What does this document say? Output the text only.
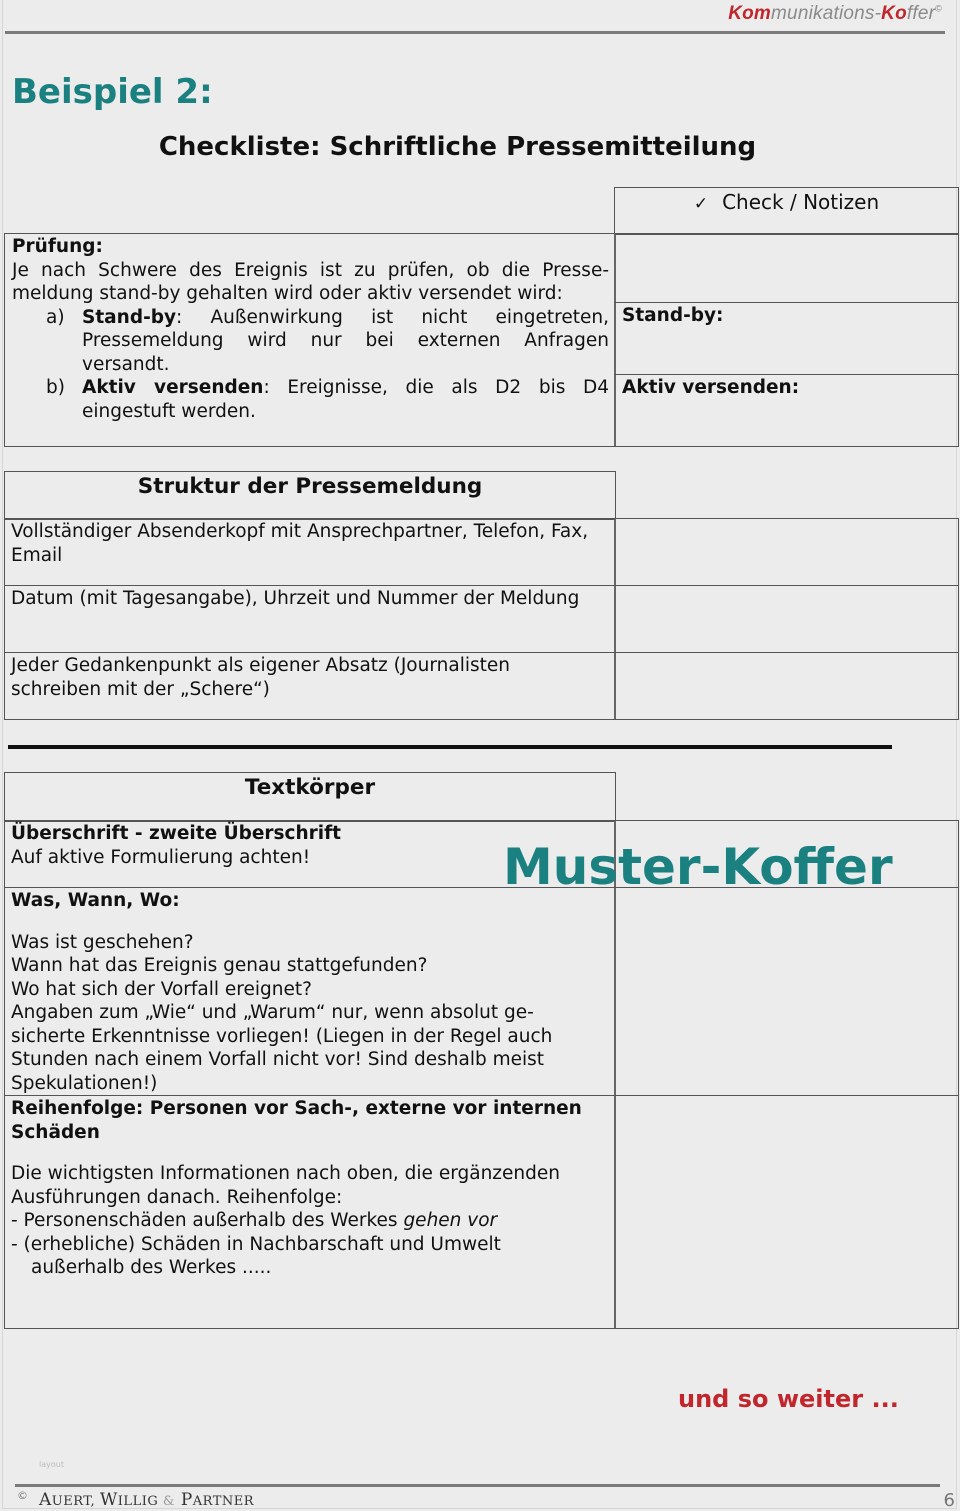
Kommunikations-Koffer©
Beispiel 2:
Checkliste: Schriftliche Pressemitteilung
✓ Check / Notizen
Prüfung:
Je nach Schwere des Ereignis ist zu prüfen, ob die Presse-meldung stand-by gehalten wird oder aktiv versendet wird:
a) Stand-by: Außenwirkung ist nicht eingetreten, Pressemeldung wird nur bei externen Anfragen versandt.
b) Aktiv versenden: Ereignisse, die als D2 bis D4 eingestuft werden.
Stand-by:
Aktiv versenden:
Struktur der Pressemeldung
Vollständiger Absenderkopf mit Ansprechpartner, Telefon, Fax, Email
Datum (mit Tagesangabe), Uhrzeit und Nummer der Meldung
Jeder Gedankenpunkt als eigener Absatz (Journalisten schreiben mit der „Schere“)
Textkörper
Überschrift - zweite Überschrift
Auf aktive Formulierung achten!
Was, Wann, Wo:
Was ist geschehen?
Wann hat das Ereignis genau stattgefunden?
Wo hat sich der Vorfall ereignet?
Angaben zum „Wie“ und „Warum“ nur, wenn absolut ge-sicherte Erkenntnisse vorliegen! (Liegen in der Regel auch Stunden nach einem Vorfall nicht vor! Sind deshalb meist Spekulationen!)
Reihenfolge: Personen vor Sach-, externe vor internen Schäden
Die wichtigsten Informationen nach oben, die ergänzenden Ausführungen danach. Reihenfolge:
- Personenschäden außerhalb des Werkes gehen vor
- (erhebliche) Schäden in Nachbarschaft und Umwelt
außerhalb des Werkes .....
Muster-Koffer
und so weiter ...
layout
© AUERT, WILLIG & PARTNER	6
